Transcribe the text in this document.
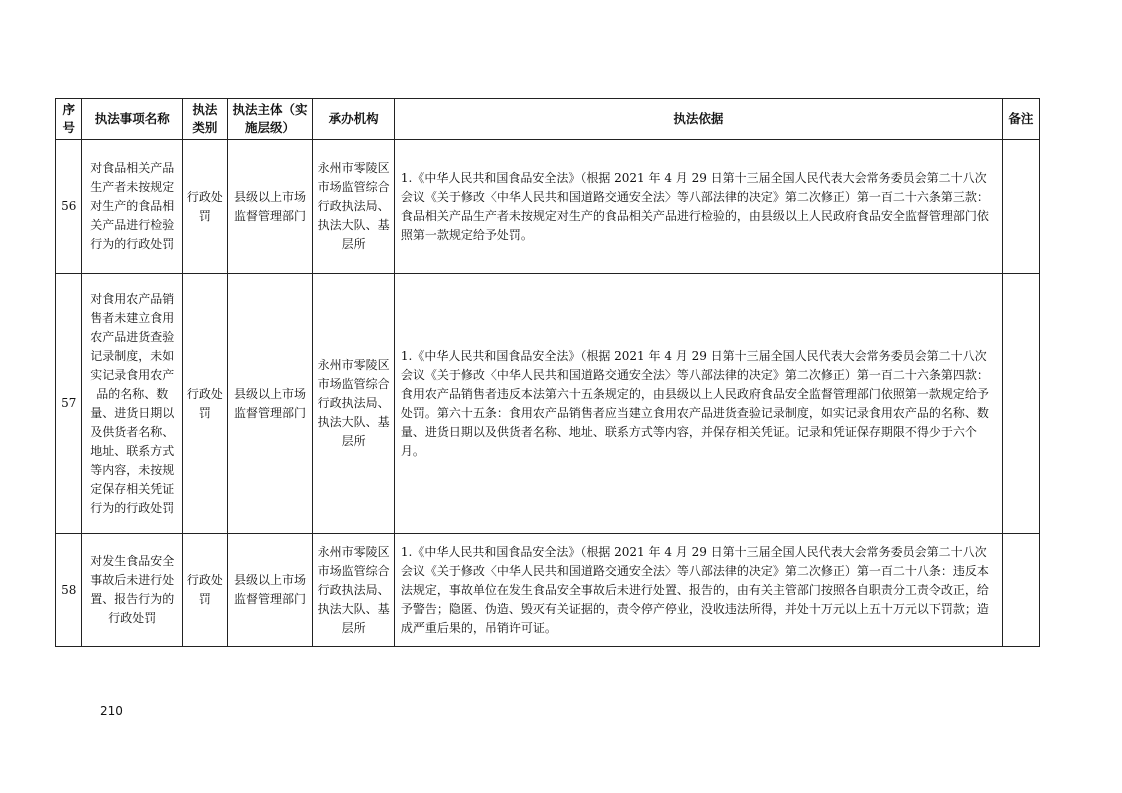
序号	执法事项名称	执法类别	执法主体（实施层级）	承办机构	执法依据	备注
56	对食品相关产品生产者未按规定对生产的食品相关产品进行检验行为的行政处罚	行政处罚	县级以上市场监督管理部门	永州市零陵区市场监管综合行政执法局、执法大队、基层所	1.《中华人民共和国食品安全法》（根据 2021 年 4 月 29 日第十三届全国人民代表大会常务委员会第二十八次会议《关于修改〈中华人民共和国道路交通安全法〉等八部法律的决定》第二次修正）第一百二十六条第三款：食品相关产品生产者未按规定对生产的食品相关产品进行检验的，由县级以上人民政府食品安全监督管理部门依照第一款规定给予处罚。	
57	对食用农产品销售者未建立食用农产品进货查验记录制度，未如实记录食用农产品的名称、数量、进货日期以及供货者名称、地址、联系方式等内容，未按规定保存相关凭证行为的行政处罚	行政处罚	县级以上市场监督管理部门	永州市零陵区市场监管综合行政执法局、执法大队、基层所	1.《中华人民共和国食品安全法》（根据 2021 年 4 月 29 日第十三届全国人民代表大会常务委员会第二十八次会议《关于修改〈中华人民共和国道路交通安全法〉等八部法律的决定》第二次修正）第一百二十六条第四款：食用农产品销售者违反本法第六十五条规定的，由县级以上人民政府食品安全监督管理部门依照第一款规定给予处罚。第六十五条：食用农产品销售者应当建立食用农产品进货查验记录制度，如实记录食用农产品的名称、数量、进货日期以及供货者名称、地址、联系方式等内容，并保存相关凭证。记录和凭证保存期限不得少于六个月。	
58	对发生食品安全事故后未进行处置、报告行为的行政处罚	行政处罚	县级以上市场监督管理部门	永州市零陵区市场监管综合行政执法局、执法大队、基层所	1.《中华人民共和国食品安全法》（根据 2021 年 4 月 29 日第十三届全国人民代表大会常务委员会第二十八次会议《关于修改〈中华人民共和国道路交通安全法〉等八部法律的决定》第二次修正）第一百二十八条：违反本法规定，事故单位在发生食品安全事故后未进行处置、报告的，由有关主管部门按照各自职责分工责令改正，给予警告；隐匿、伪造、毁灭有关证据的，责令停产停业，没收违法所得，并处十万元以上五十万元以下罚款；造成严重后果的，吊销许可证。	
210
